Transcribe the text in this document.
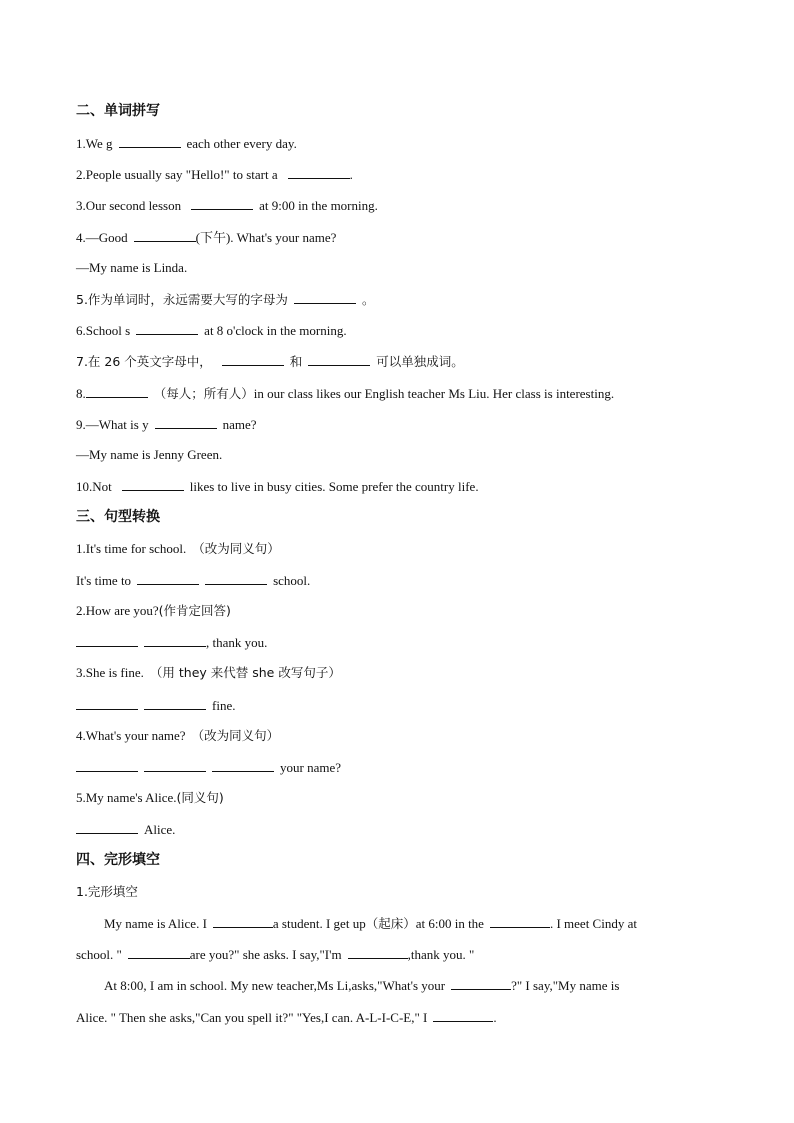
二、单词拼写
1.We g	each other every day.
2.People usually say "Hello!" to start a	.
3.Our second lesson	at 9:00 in the morning.
4.—Good	(下午). What's your name?
—My name is Linda.
5.作为单词时，永远需要大写的字母为	。
6.School s	at 8 o'clock in the morning.
7.在 26 个英文字母中，	和	可以单独成词。
8.	（每人；所有人）in our class likes our English teacher Ms Liu. Her class is interesting.
9.—What is y	name?
—My name is Jenny Green.
10.Not	likes to live in busy cities. Some prefer the country life.
三、句型转换
1.It's time for school. （改为同义句）
It's time to	school.
2.How are you?(作肯定回答)
, thank you.
3.She is fine. （用 they 来代替 she 改写句子）
fine.
4.What's your name? （改为同义句）
your name?
5.My name's Alice.(同义句)
Alice.
四、完形填空
1.完形填空
My name is Alice. I	a student. I get up（起床）at 6:00 in the	. I meet Cindy at
school. "	are you?" she asks. I say,"I'm	,thank you. "
At 8:00, I am in school. My new teacher,Ms Li,asks,"What's your	?" I say,"My name is
Alice. " Then she asks,"Can you spell it?" "Yes,I can. A-L-I-C-E," I	.
